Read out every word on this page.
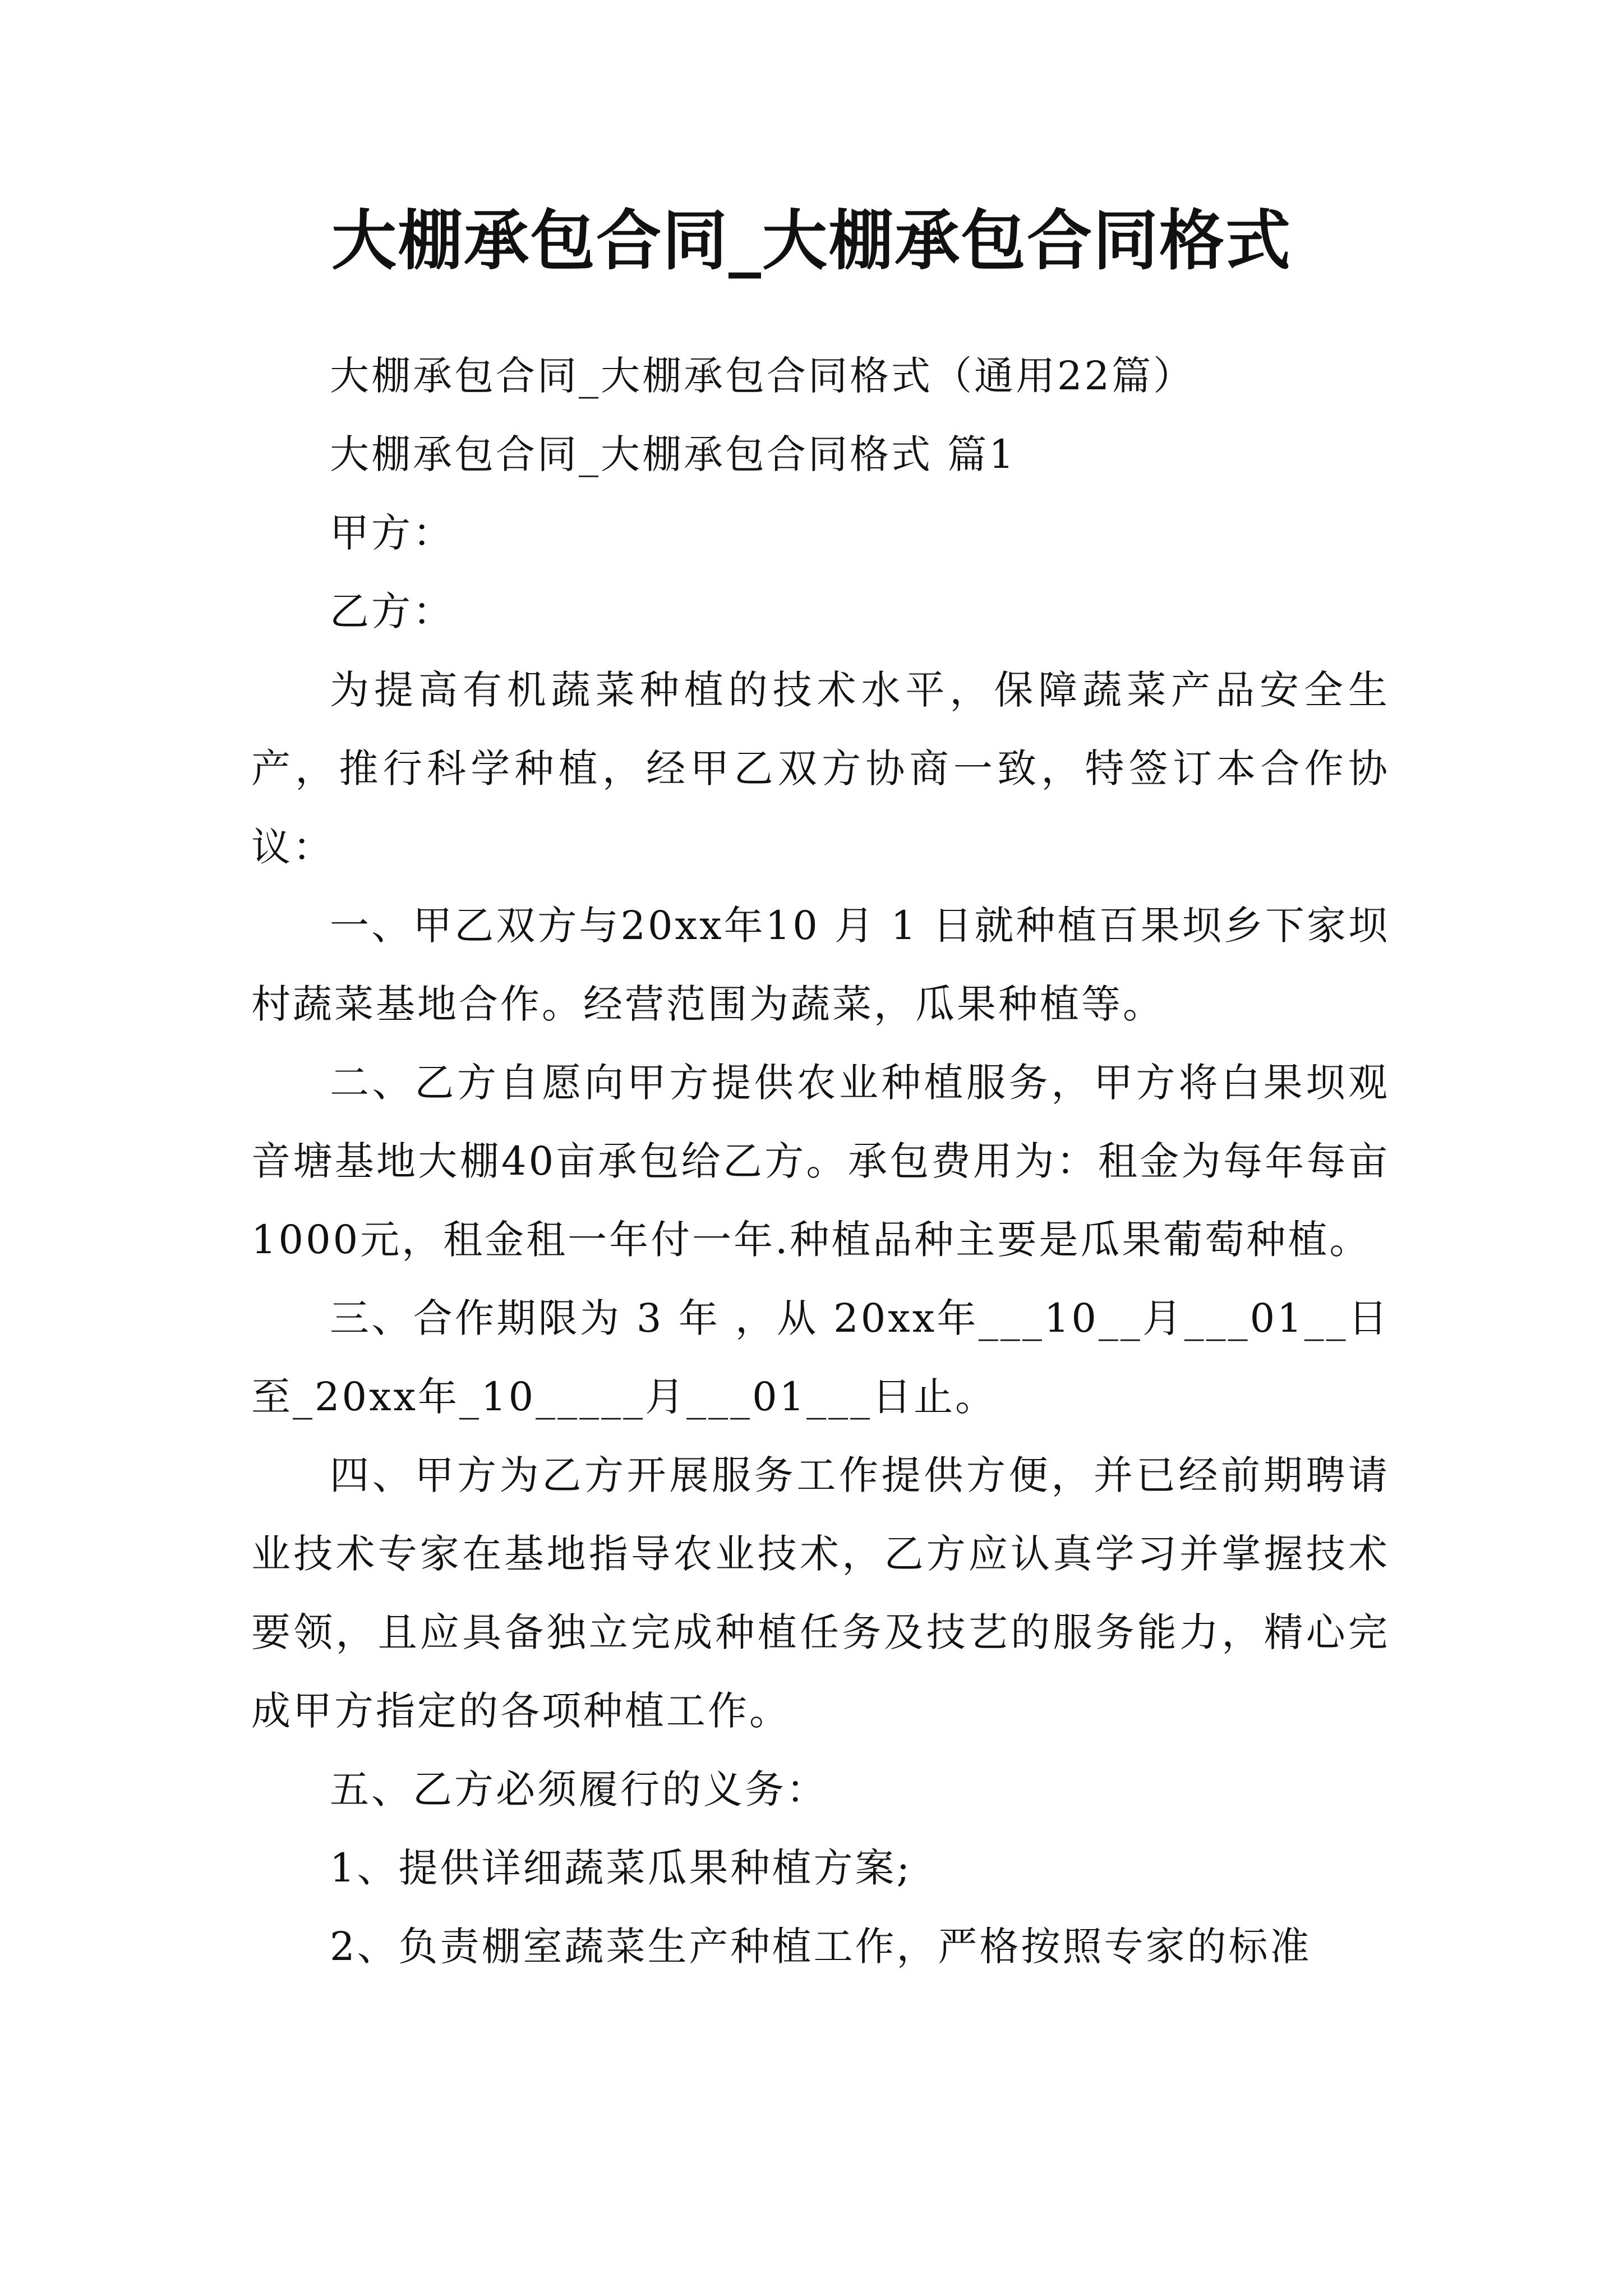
大棚承包合同_大棚承包合同格式

大棚承包合同_大棚承包合同格式（通用22篇）

大棚承包合同_大棚承包合同格式 篇1

甲方：

乙方：

为提高有机蔬菜种植的技术水平，保障蔬菜产品安全生产，推行科学种植，经甲乙双方协商一致，特签订本合作协议：

一、甲乙双方与20xx年10 月 1 日就种植百果坝乡下家坝村蔬菜基地合作。经营范围为蔬菜，瓜果种植等。

二、乙方自愿向甲方提供农业种植服务，甲方将白果坝观音塘基地大棚40亩承包给乙方。承包费用为：租金为每年每亩1000元，租金租一年付一年.种植品种主要是瓜果葡萄种植。

三、合作期限为 3 年 ，从 20xx年___10__月___01__日至_20xx年_10_____月___01___日止。

四、甲方为乙方开展服务工作提供方便，并已经前期聘请业技术专家在基地指导农业技术，乙方应认真学习并掌握技术要领，且应具备独立完成种植任务及技艺的服务能力，精心完成甲方指定的各项种植工作。

五、乙方必须履行的义务：

1、提供详细蔬菜瓜果种植方案;

2、负责棚室蔬菜生产种植工作，严格按照专家的标准
